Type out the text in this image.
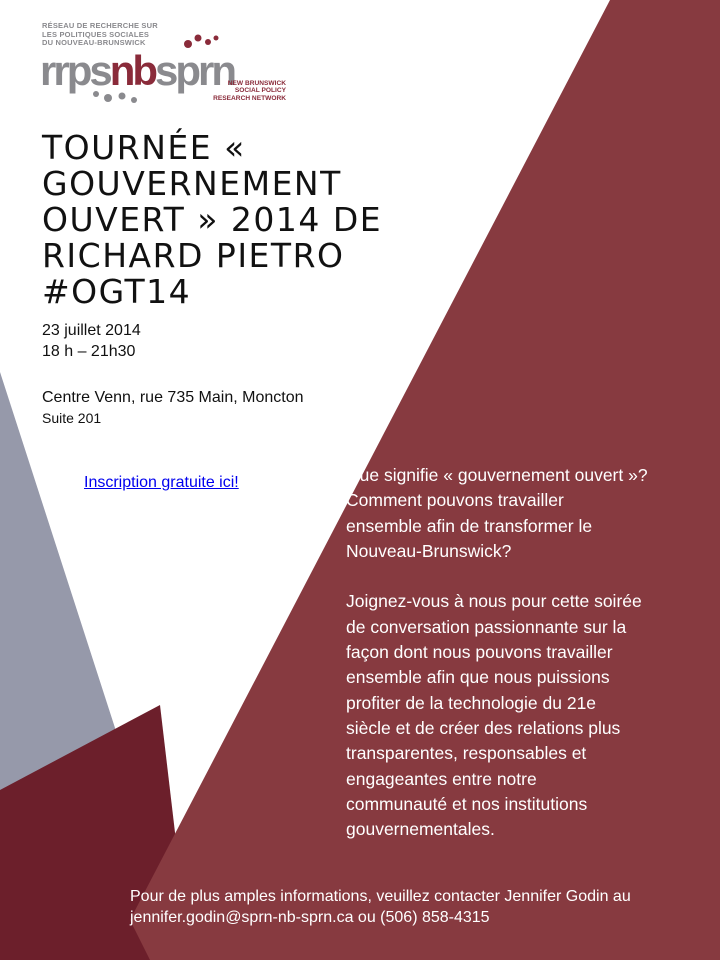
RÉSEAU DE RECHERCHE SUR
LES POLITIQUES SOCIALES
DU NOUVEAU-BRUNSWICK
rrpsnbsprn
NEW BRUNSWICK
SOCIAL POLICY
RESEARCH NETWORK
TOURNÉE «
GOUVERNEMENT
OUVERT » 2014 DE
RICHARD PIETRO
#OGT14
23 juillet 2014
18 h – 21h30
Centre Venn, rue 735 Main, Moncton
Suite 201
Inscription gratuite ici!	Que signifie « gouvernement ouvert »?
Comment pouvons travailler
ensemble afin de transformer le
Nouveau-Brunswick?
Joignez-vous à nous pour cette soirée
de conversation passionnante sur la
façon dont nous pouvons travailler
ensemble afin que nous puissions
profiter de la technologie du 21e
siècle et de créer des relations plus
transparentes, responsables et
engageantes entre notre
communauté et nos institutions
gouvernementales.
Pour de plus amples informations, veuillez contacter Jennifer Godin au
jennifer.godin@sprn-nb-sprn.ca ou (506) 858-4315
